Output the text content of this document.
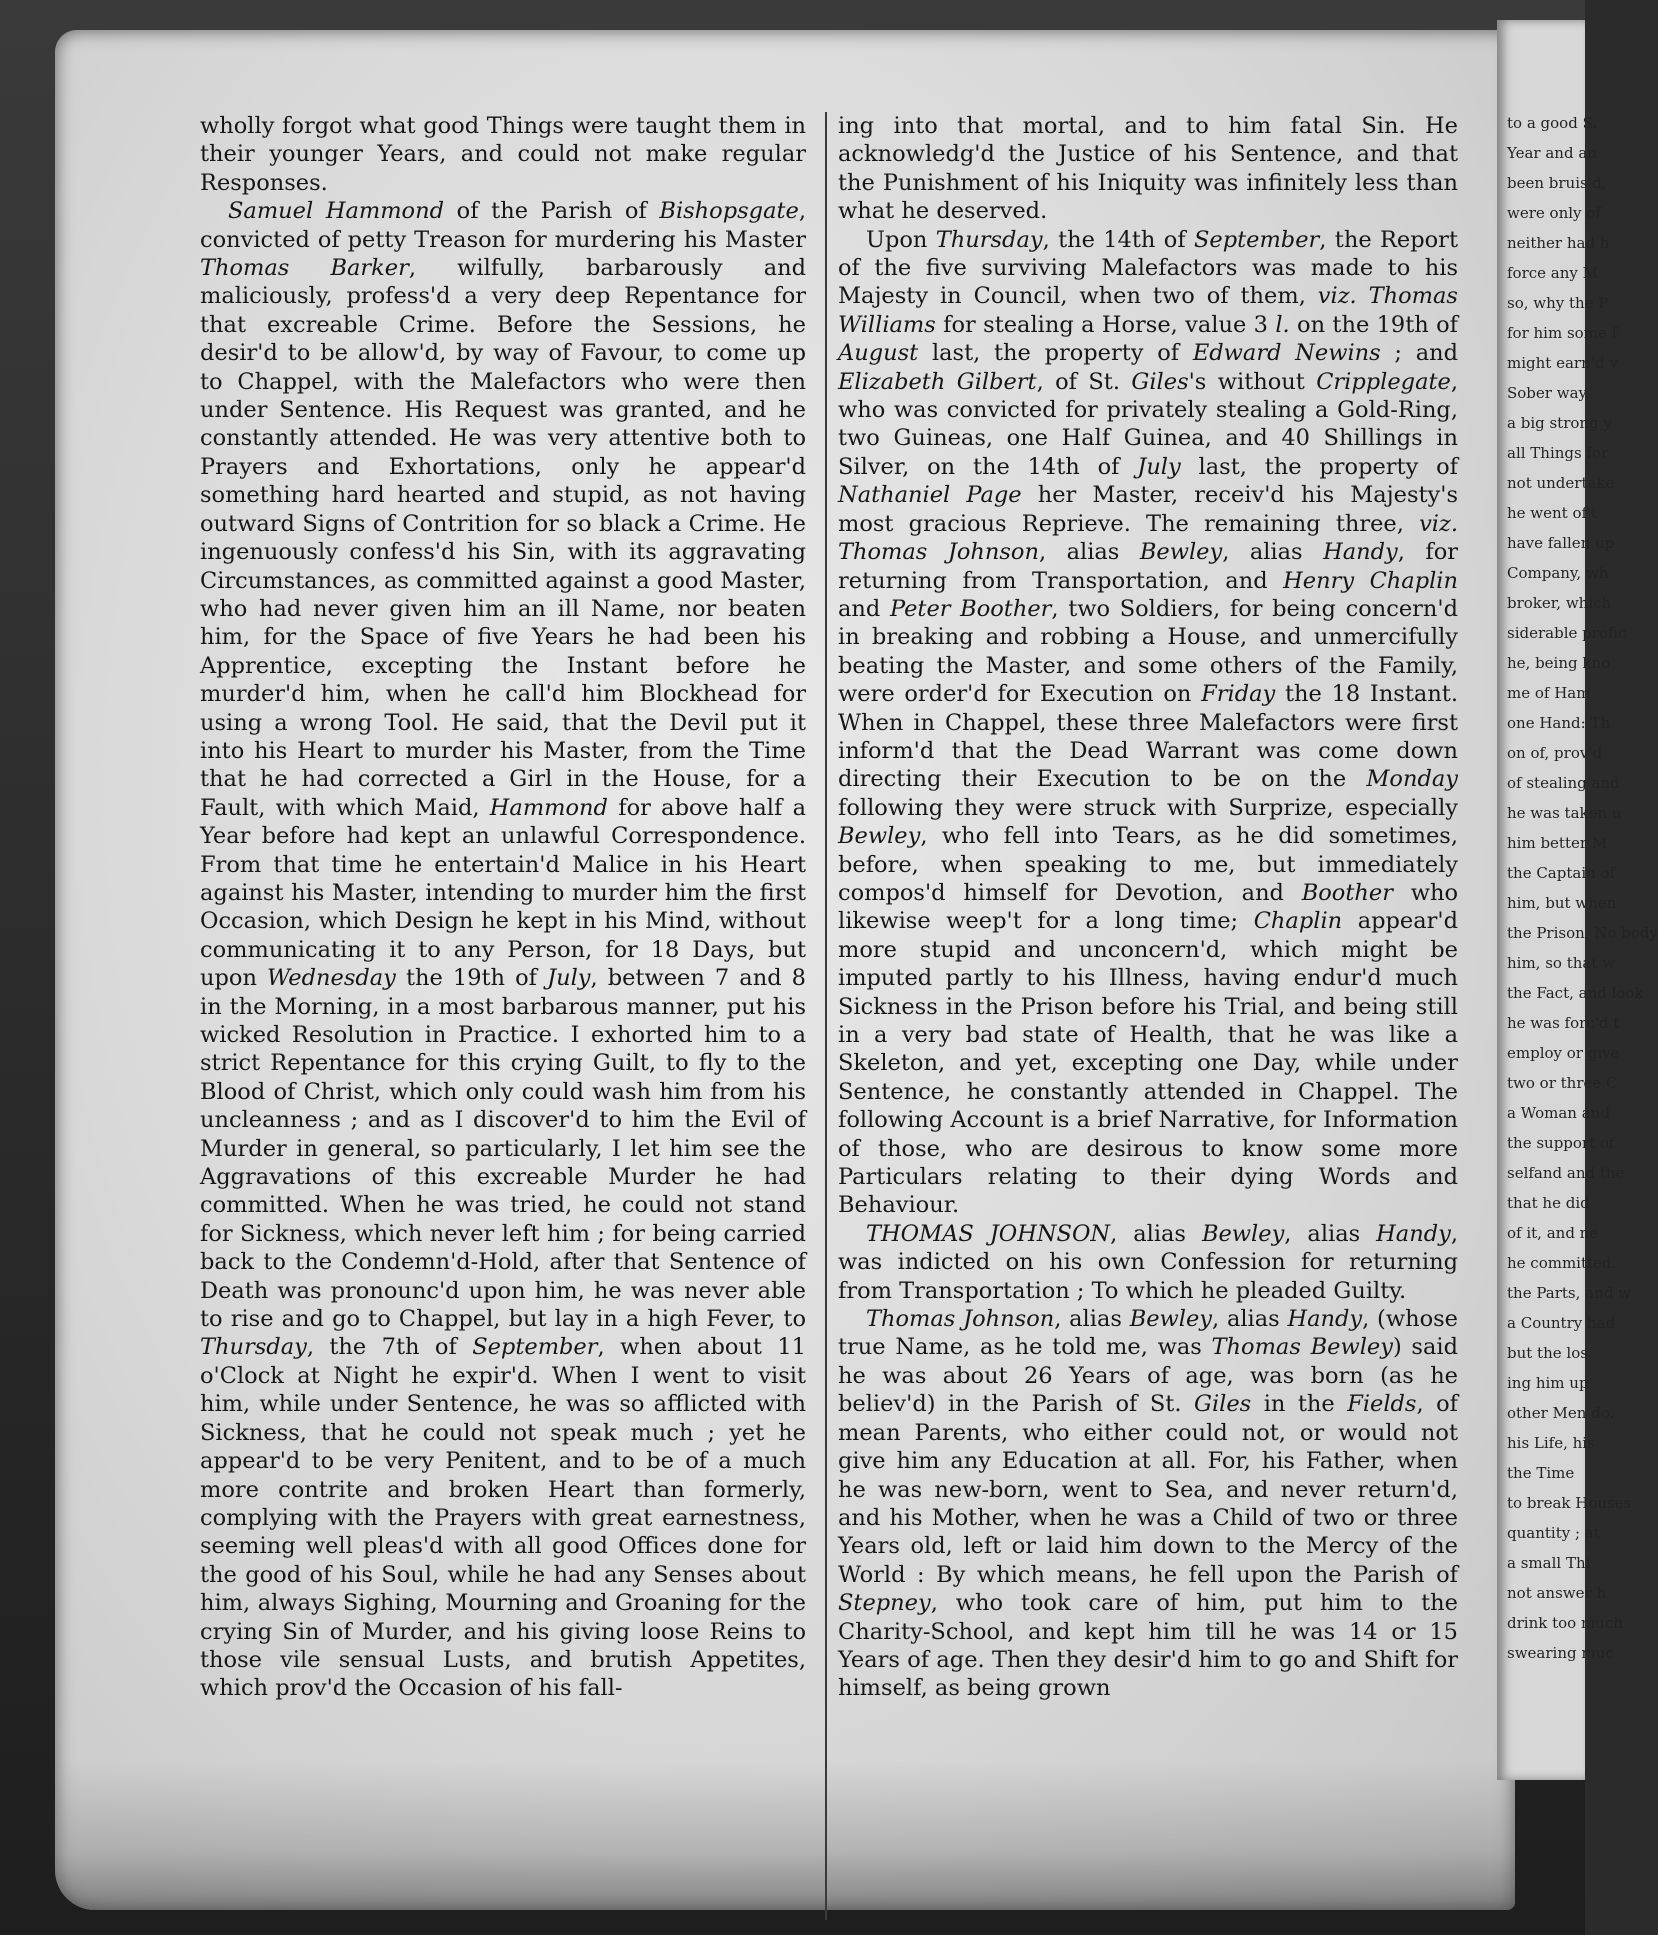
wholly forgot what good Things were taught them in their younger Years, and could not make regular Responses.

Samuel Hammond of the Parish of Bishopsgate, convicted of petty Treason for murdering his Master Thomas Barker, wilfully, barbarously and maliciously, profess'd a very deep Repentance for that excreable Crime. Before the Sessions, he desir'd to be allow'd, by way of Favour, to come up to Chappel, with the Malefactors who were then under Sentence. His Request was granted, and he constantly attended. He was very attentive both to Prayers and Exhortations, only he appear'd something hard hearted and stupid, as not having outward Signs of Contrition for so black a Crime. He ingenuously confess'd his Sin, with its aggravating Circumstances, as committed against a good Master, who had never given him an ill Name, nor beaten him, for the Space of five Years he had been his Apprentice, excepting the Instant before he murder'd him, when he call'd him Blockhead for using a wrong Tool. He said, that the Devil put it into his Heart to murder his Master, from the Time that he had corrected a Girl in the House, for a Fault, with which Maid, Hammond for above half a Year before had kept an unlawful Correspondence. From that time he entertain'd Malice in his Heart against his Master, intending to murder him the first Occasion, which Design he kept in his Mind, without communicating it to any Person, for 18 Days, but upon Wednesday the 19th of July, between 7 and 8 in the Morning, in a most barbarous manner, put his wicked Resolution in Practice. I exhorted him to a strict Repentance for this crying Guilt, to fly to the Blood of Christ, which only could wash him from his uncleanness ; and as I discover'd to him the Evil of Murder in general, so particularly, I let him see the Aggravations of this excreable Murder he had committed. When he was tried, he could not stand for Sickness, which never left him ; for being carried back to the Condemn'd-Hold, after that Sentence of Death was pronounc'd upon him, he was never able to rise and go to Chappel, but lay in a high Fever, to Thursday, the 7th of September, when about 11 o'Clock at Night he expir'd. When I went to visit him, while under Sentence, he was so afflicted with Sickness, that he could not speak much ; yet he appear'd to be very Penitent, and to be of a much more contrite and broken Heart than formerly, complying with the Prayers with great earnestness, seeming well pleas'd with all good Offices done for the good of his Soul, while he had any Senses about him, always Sighing, Mourning and Groaning for the crying Sin of Murder, and his giving loose Reins to those vile sensual Lusts, and brutish Appetites, which prov'd the Occasion of his fall-

ing into that mortal, and to him fatal Sin. He acknowledg'd the Justice of his Sentence, and that the Punishment of his Iniquity was infinitely less than what he deserved.

Upon Thursday, the 14th of September, the Report of the five surviving Malefactors was made to his Majesty in Council, when two of them, viz. Thomas Williams for stealing a Horse, value 3 l. on the 19th of August last, the property of Edward Newins ; and Elizabeth Gilbert, of St. Giles's without Cripplegate, who was convicted for privately stealing a Gold-Ring, two Guineas, one Half Guinea, and 40 Shillings in Silver, on the 14th of July last, the property of Nathaniel Page her Master, receiv'd his Majesty's most gracious Reprieve. The remaining three, viz. Thomas Johnson, alias Bewley, alias Handy, for returning from Transportation, and Henry Chaplin and Peter Boother, two Soldiers, for being concern'd in breaking and robbing a House, and unmercifully beating the Master, and some others of the Family, were order'd for Execution on Friday the 18 Instant. When in Chappel, these three Malefactors were first inform'd that the Dead Warrant was come down directing their Execution to be on the Monday following they were struck with Surprize, especially Bewley, who fell into Tears, as he did sometimes, before, when speaking to me, but immediately compos'd himself for Devotion, and Boother who likewise weep't for a long time; Chaplin appear'd more stupid and unconcern'd, which might be imputed partly to his Illness, having endur'd much Sickness in the Prison before his Trial, and being still in a very bad state of Health, that he was like a Skeleton, and yet, excepting one Day, while under Sentence, he constantly attended in Chappel. The following Account is a brief Narrative, for Information of those, who are desirous to know some more Particulars relating to their dying Words and Behaviour.

THOMAS JOHNSON, alias Bewley, alias Handy, was indicted on his own Confession for returning from Transportation ; To which he pleaded Guilty.

Thomas Johnson, alias Bewley, alias Handy, (whose true Name, as he told me, was Thomas Bewley) said he was about 26 Years of age, was born (as he believ'd) in the Parish of St. Giles in the Fields, of mean Parents, who either could not, or would not give him any Education at all. For, his Father, when he was new-born, went to Sea, and never return'd, and his Mother, when he was a Child of two or three Years old, left or laid him down to the Mercy of the World : By which means, he fell upon the Parish of Stepney, who took care of him, put him to the Charity-School, and kept him till he was 14 or 15 Years of age. Then they desir'd him to go and Shift for himself, as being grown

to a good S.
Year and an
been bruis'd,
were only of
neither had h
force any M
so, why the P
for him some f
might earn'd v
Sober way.
a big strong y
all Things for
not undertake
he went of't
have fallen up
Company, wh
broker, which
siderable profic
he, being kno
me of Ham
one Hand: Th
on of, prov'd
of stealing and
he was taken u
him better M
the Captain of
him, but when
the Prison, No body
him, so that w
the Fact, and look
he was forc'd t
employ or give
two or three C
a Woman and
the support of
selfand and the
that he did
of it, and ne
he committed.
the Parts, and w
a Country had
but the los
ing him up
other Men do.
his Life, his
the Time
to break Houses
quantity ; at
a small Thi
not answer h
drink too much
swearing muc
